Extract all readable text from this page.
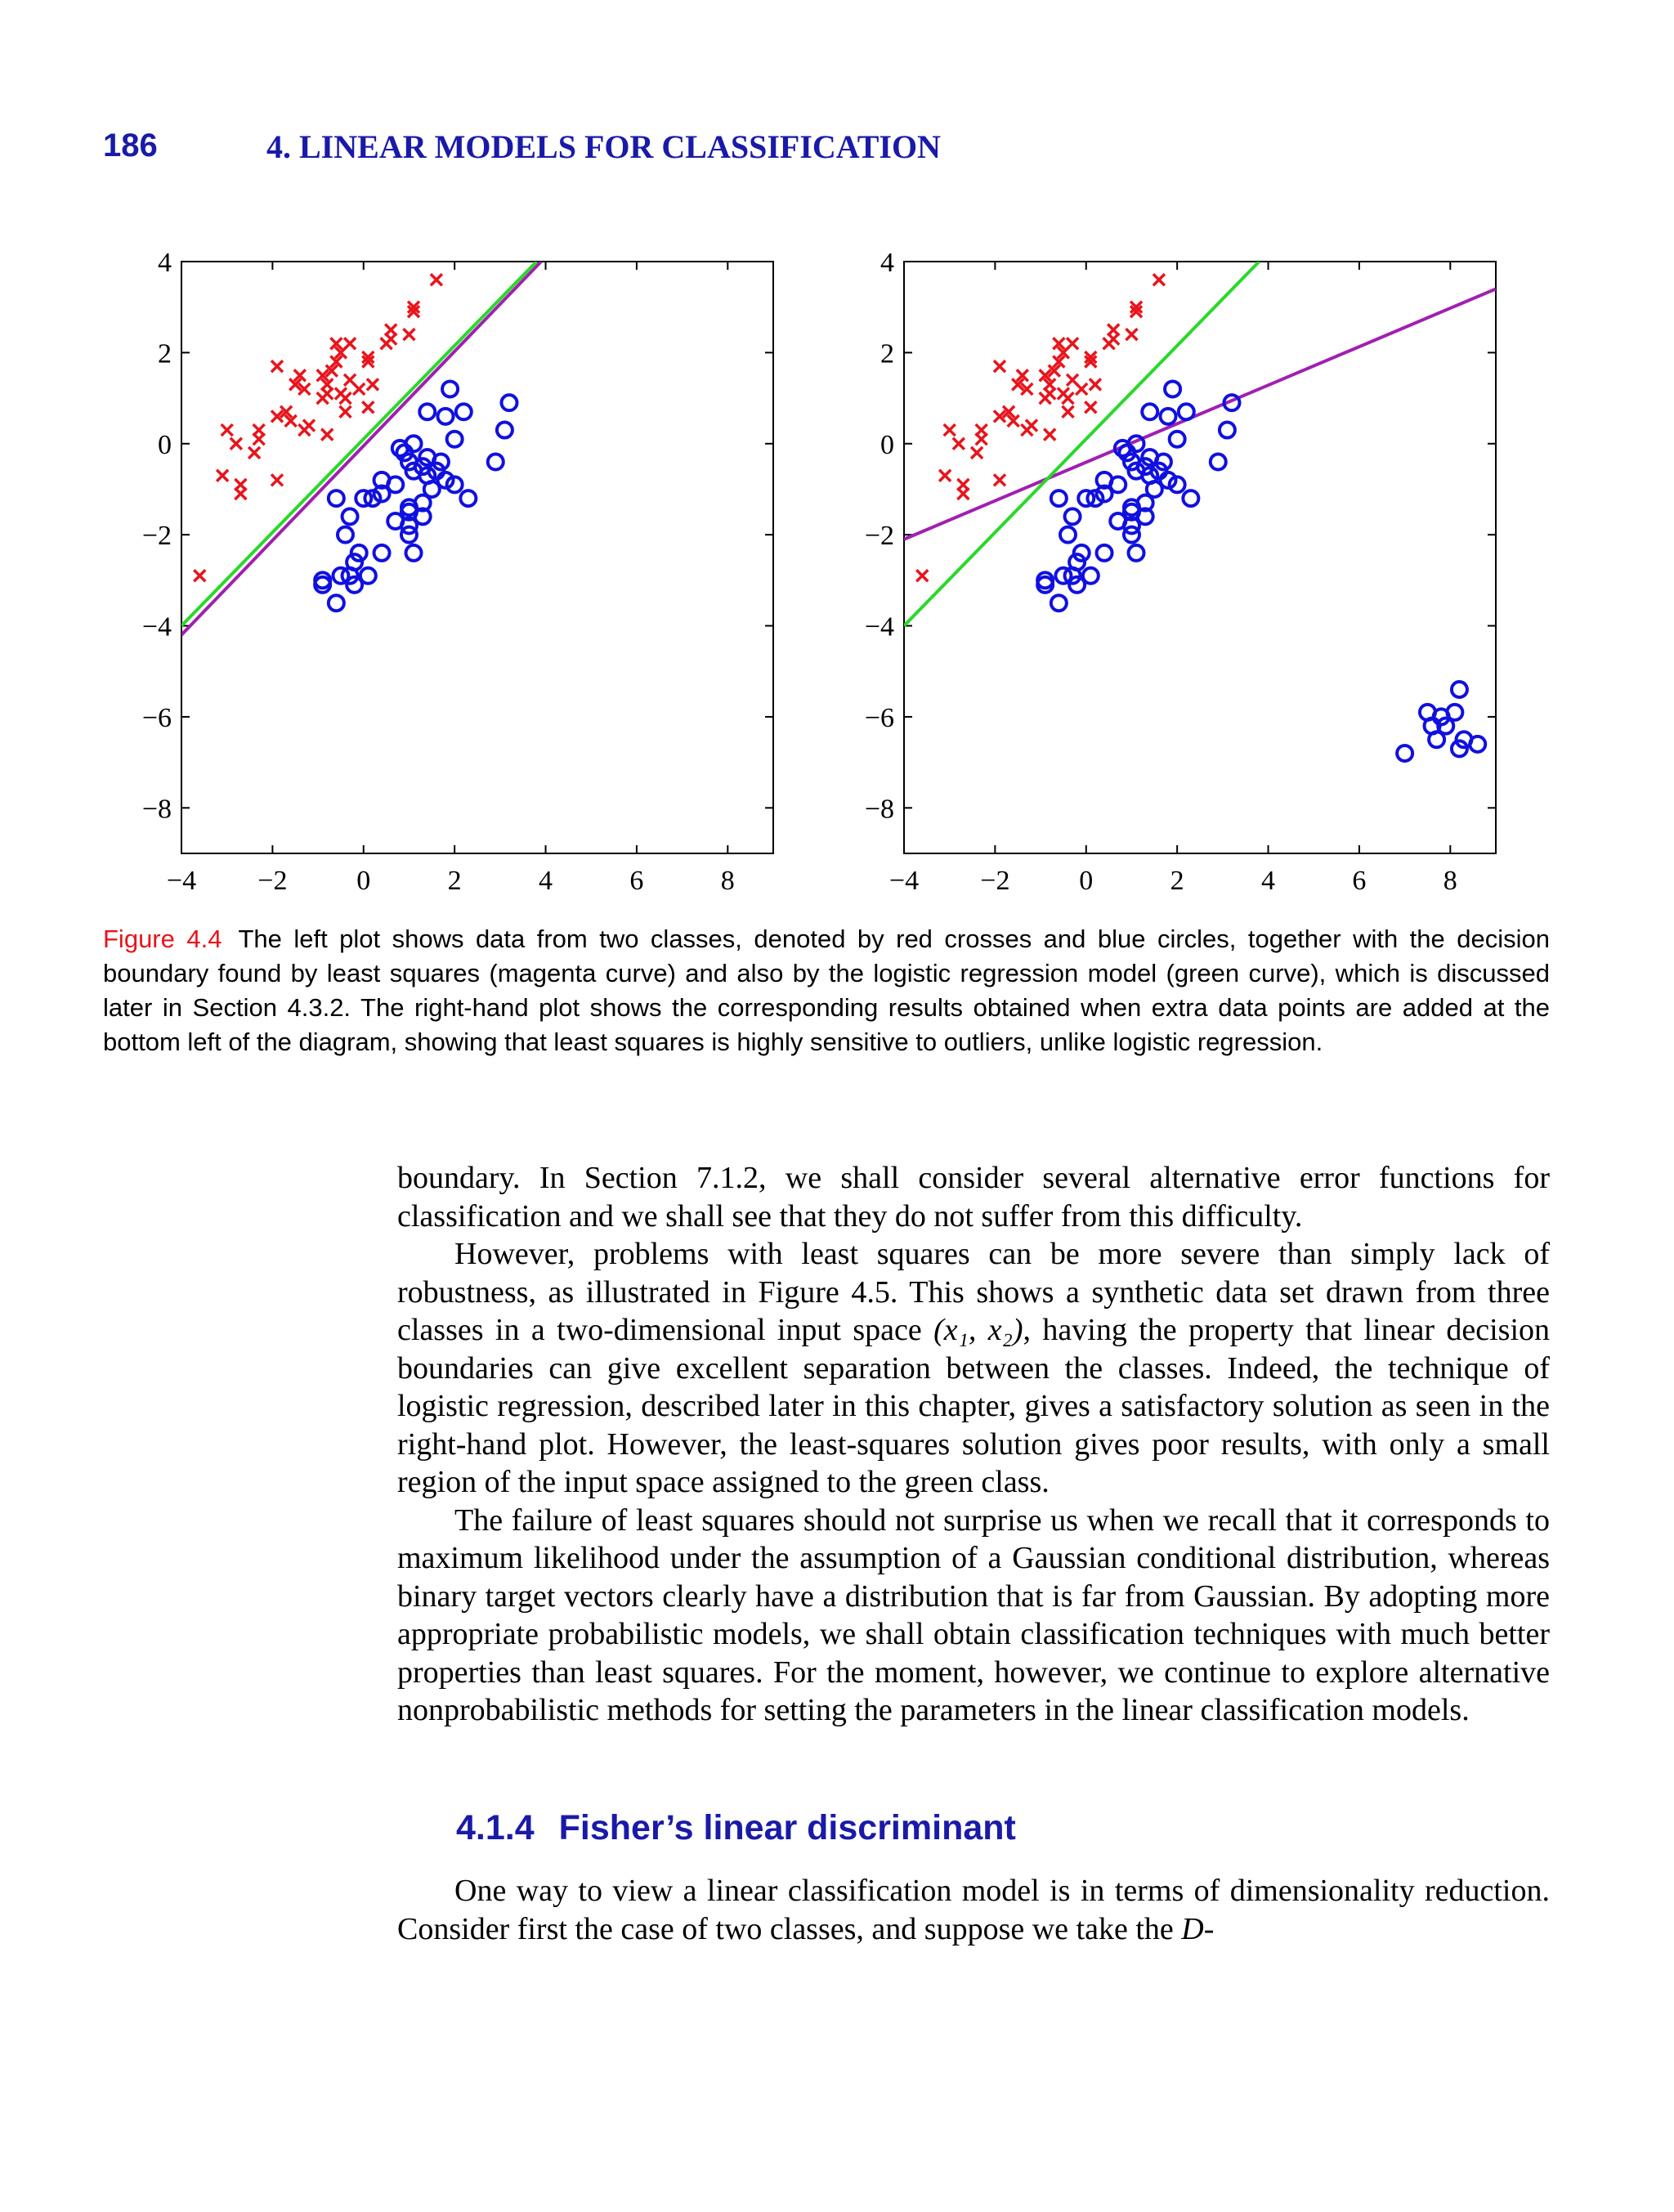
186	4. LINEAR MODELS FOR CLASSIFICATION
−4 −2 0	2	4	6	8
4
2
0
−2
−4
−6
−8
−4 −2 0	2	4	6	8
4
2
0
−2
−4
−6
−8
Figure 4.4 The left plot shows data from two classes, denoted by red crosses and blue circles, together with the decision boundary found by least squares (magenta curve) and also by the logistic regression model (green curve), which is discussed later in Section 4.3.2. The right-hand plot shows the corresponding results obtained when extra data points are added at the bottom left of the diagram, showing that least squares is highly sensitive to outliers, unlike logistic regression.

boundary. In Section 7.1.2, we shall consider several alternative error functions for classification and we shall see that they do not suffer from this difficulty.

However, problems with least squares can be more severe than simply lack of robustness, as illustrated in Figure 4.5. This shows a synthetic data set drawn from three classes in a two-dimensional input space (x₁, x₂), having the property that linear decision boundaries can give excellent separation between the classes. Indeed, the technique of logistic regression, described later in this chapter, gives a satisfactory solution as seen in the right-hand plot. However, the least-squares solution gives poor results, with only a small region of the input space assigned to the green class.

The failure of least squares should not surprise us when we recall that it corresponds to maximum likelihood under the assumption of a Gaussian conditional distribution, whereas binary target vectors clearly have a distribution that is far from Gaussian. By adopting more appropriate probabilistic models, we shall obtain classification techniques with much better properties than least squares. For the moment, however, we continue to explore alternative nonprobabilistic methods for setting the parameters in the linear classification models.

4.1.4 Fisher’s linear discriminant

One way to view a linear classification model is in terms of dimensionality reduction. Consider first the case of two classes, and suppose we take the D-
